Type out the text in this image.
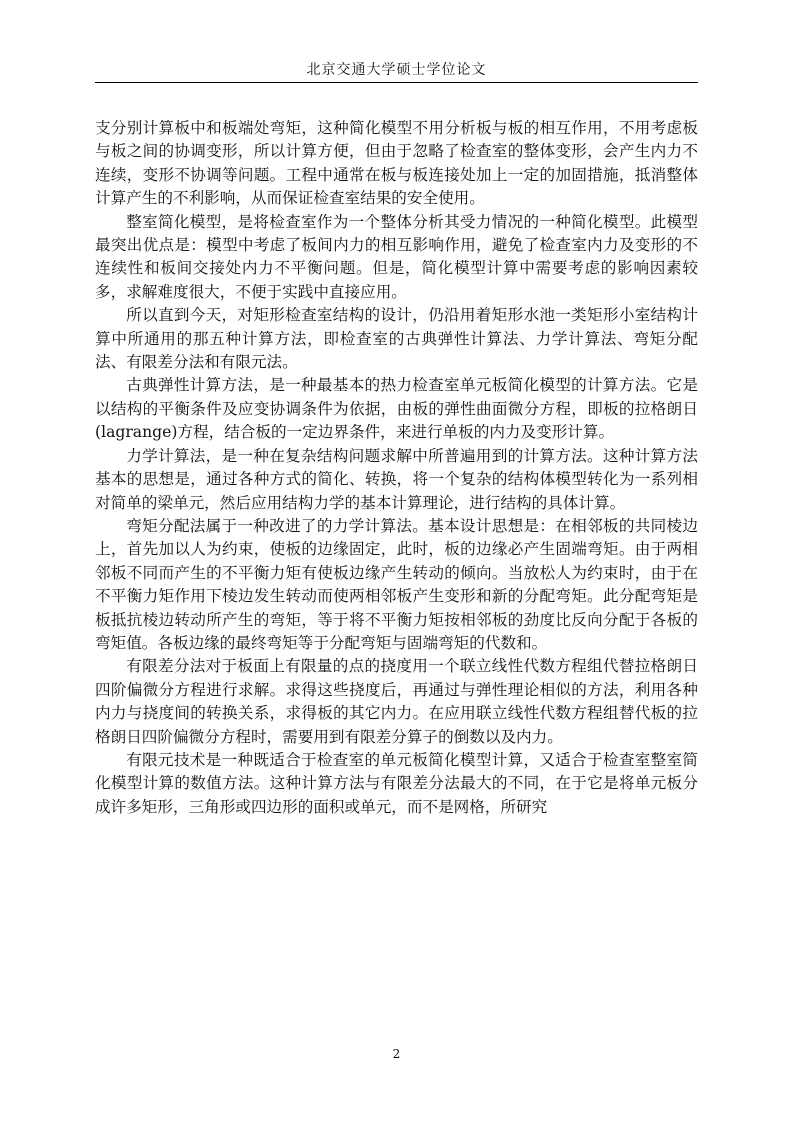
北京交通大学硕士学位论文

支分别计算板中和板端处弯矩，这种简化模型不用分析板与板的相互作用，不用考虑板与板之间的协调变形，所以计算方便，但由于忽略了检查室的整体变形，会产生内力不连续，变形不协调等问题。工程中通常在板与板连接处加上一定的加固措施，抵消整体计算产生的不利影响，从而保证检查室结果的安全使用。

整室简化模型，是将检查室作为一个整体分析其受力情况的一种简化模型。此模型最突出优点是：模型中考虑了板间内力的相互影响作用，避免了检查室内力及变形的不连续性和板间交接处内力不平衡问题。但是，简化模型计算中需要考虑的影响因素较多，求解难度很大，不便于实践中直接应用。

所以直到今天，对矩形检查室结构的设计，仍沿用着矩形水池一类矩形小室结构计算中所通用的那五种计算方法，即检查室的古典弹性计算法、力学计算法、弯矩分配法、有限差分法和有限元法。

古典弹性计算方法，是一种最基本的热力检查室单元板简化模型的计算方法。它是以结构的平衡条件及应变协调条件为依据，由板的弹性曲面微分方程，即板的拉格朗日(lagrange)方程，结合板的一定边界条件，来进行单板的内力及变形计算。

力学计算法，是一种在复杂结构问题求解中所普遍用到的计算方法。这种计算方法基本的思想是，通过各种方式的简化、转换，将一个复杂的结构体模型转化为一系列相对简单的梁单元，然后应用结构力学的基本计算理论，进行结构的具体计算。

弯矩分配法属于一种改进了的力学计算法。基本设计思想是：在相邻板的共同棱边上，首先加以人为约束，使板的边缘固定，此时，板的边缘必产生固端弯矩。由于两相邻板不同而产生的不平衡力矩有使板边缘产生转动的倾向。当放松人为约束时，由于在不平衡力矩作用下棱边发生转动而使两相邻板产生变形和新的分配弯矩。此分配弯矩是板抵抗棱边转动所产生的弯矩，等于将不平衡力矩按相邻板的劲度比反向分配于各板的弯矩值。各板边缘的最终弯矩等于分配弯矩与固端弯矩的代数和。

有限差分法对于板面上有限量的点的挠度用一个联立线性代数方程组代替拉格朗日四阶偏微分方程进行求解。求得这些挠度后，再通过与弹性理论相似的方法，利用各种内力与挠度间的转换关系，求得板的其它内力。在应用联立线性代数方程组替代板的拉格朗日四阶偏微分方程时，需要用到有限差分算子的倒数以及内力。

有限元技术是一种既适合于检查室的单元板简化模型计算，又适合于检查室整室简化模型计算的数值方法。这种计算方法与有限差分法最大的不同，在于它是将单元板分成许多矩形，三角形或四边形的面积或单元，而不是网格，所研究

2
